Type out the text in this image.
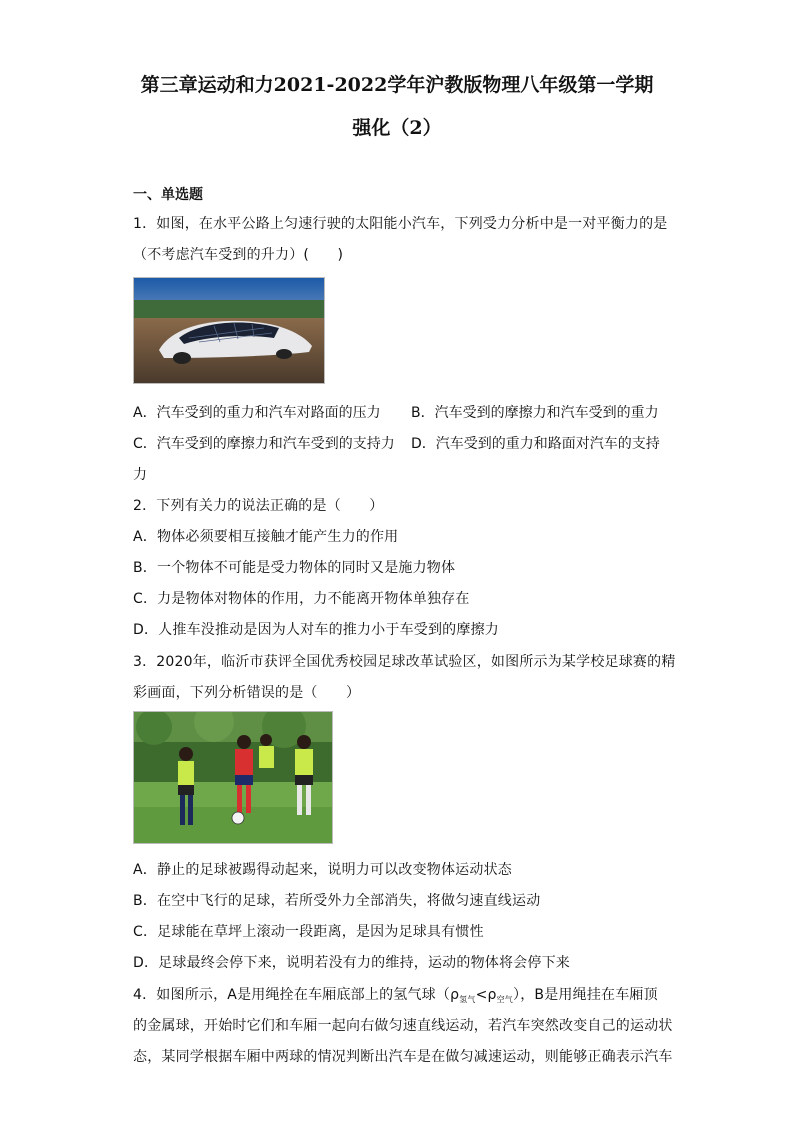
第三章运动和力2021-2022学年沪教版物理八年级第一学期
强化（2）
一、单选题
1．如图，在水平公路上匀速行驶的太阳能小汽车，下列受力分析中是一对平衡力的是
（不考虑汽车受到的升力）(　　)
A．汽车受到的重力和汽车对路面的压力 B．汽车受到的摩擦力和汽车受到的重力
C．汽车受到的摩擦力和汽车受到的支持力 D．汽车受到的重力和路面对汽车的支持
力
2．下列有关力的说法正确的是（　　）
A．物体必须要相互接触才能产生力的作用
B．一个物体不可能是受力物体的同时又是施力物体
C．力是物体对物体的作用，力不能离开物体单独存在
D．人推车没推动是因为人对车的推力小于车受到的摩擦力
3．2020年，临沂市获评全国优秀校园足球改革试验区，如图所示为某学校足球赛的精
彩画面，下列分析错误的是（　　）
A．静止的足球被踢得动起来，说明力可以改变物体运动状态
B．在空中飞行的足球，若所受外力全部消失，将做匀速直线运动
C．足球能在草坪上滚动一段距离，是因为足球具有惯性
D．足球最终会停下来，说明若没有力的维持，运动的物体将会停下来
4．如图所示，A是用绳拴在车厢底部上的氢气球$(\rho_{氢气}<\rho_{空气})$，B是用绳挂在车厢顶
的金属球，开始时它们和车厢一起向右做匀速直线运动，若汽车突然改变自己的运动状
态，某同学根据车厢中两球的情况判断出汽车是在做匀减速运动，则能够正确表示汽车
